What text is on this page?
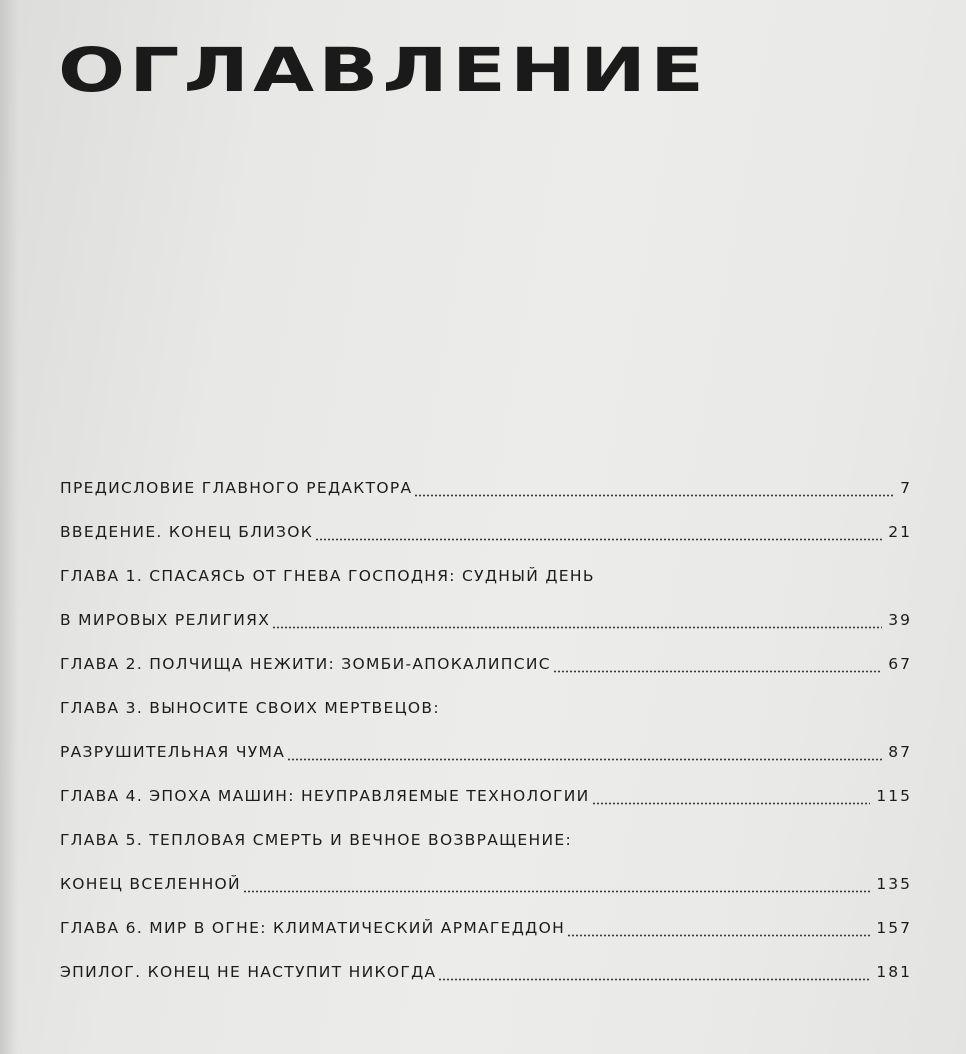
ОГЛАВЛЕНИЕ
ПРЕДИСЛОВИЕ ГЛАВНОГО РЕДАКТОРА	7
ВВЕДЕНИЕ. КОНЕЦ БЛИЗОК	21
ГЛАВА 1. СПАСАЯСЬ ОТ ГНЕВА ГОСПОДНЯ: СУДНЫЙ ДЕНЬ
В МИРОВЫХ РЕЛИГИЯХ	39
ГЛАВА 2. ПОЛЧИЩА НЕЖИТИ: ЗОМБИ-АПОКАЛИПСИС	67
ГЛАВА 3. ВЫНОСИТЕ СВОИХ МЕРТВЕЦОВ:
РАЗРУШИТЕЛЬНАЯ ЧУМА	87
ГЛАВА 4. ЭПОХА МАШИН: НЕУПРАВЛЯЕМЫЕ ТЕХНОЛОГИИ	115
ГЛАВА 5. ТЕПЛОВАЯ СМЕРТЬ И ВЕЧНОЕ ВОЗВРАЩЕНИЕ:
КОНЕЦ ВСЕЛЕННОЙ	135
ГЛАВА 6. МИР В ОГНЕ: КЛИМАТИЧЕСКИЙ АРМАГЕДДОН	157
ЭПИЛОГ. КОНЕЦ НЕ НАСТУПИТ НИКОГДА	181
